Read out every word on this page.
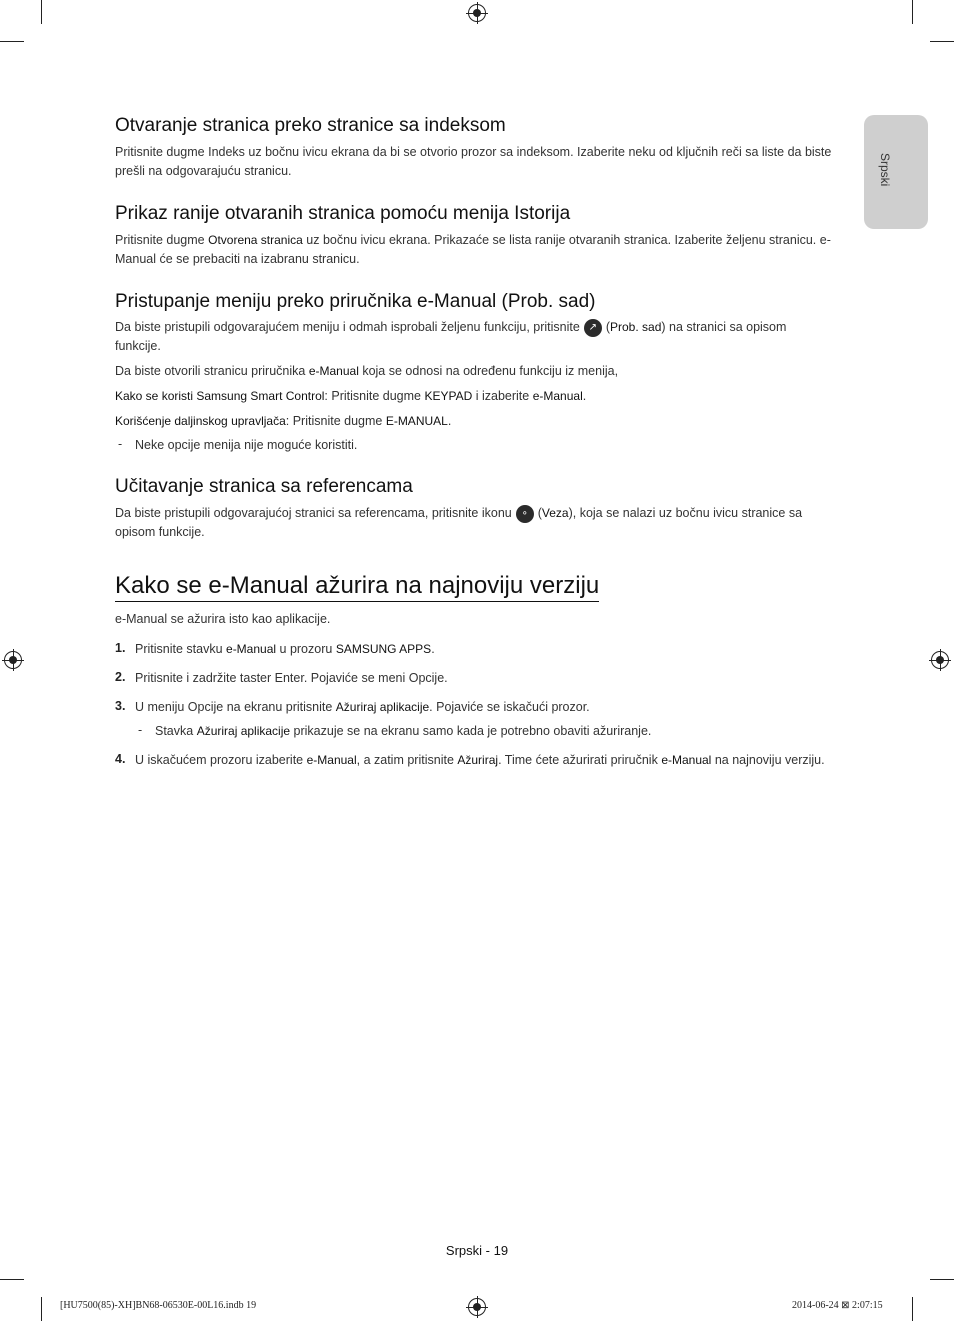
Srpski
Otvaranje stranica preko stranice sa indeksom

Pritisnite dugme Indeks uz bočnu ivicu ekrana da bi se otvorio prozor sa indeksom. Izaberite neku od ključnih reči sa liste da biste prešli na odgovarajuću stranicu.

Prikaz ranije otvaranih stranica pomoću menija Istorija

Pritisnite dugme Otvorena stranica uz bočnu ivicu ekrana. Prikazaće se lista ranije otvaranih stranica. Izaberite željenu stranicu. e-Manual će se prebaciti na izabranu stranicu.

Pristupanje meniju preko priručnika e-Manual (Prob. sad)

Da biste pristupili odgovarajućem meniju i odmah isprobali željenu funkciju, pritisnite ↗ (Prob. sad) na stranici sa opisom funkcije.

Da biste otvorili stranicu priručnika e-Manual koja se odnosi na određenu funkciju iz menija,
Kako se koristi Samsung Smart Control: Pritisnite dugme KEYPAD i izaberite e-Manual.
Korišćenje daljinskog upravljača: Pritisnite dugme E-MANUAL.
- Neke opcije menija nije moguće koristiti.
Učitavanje stranica sa referencama

Da biste pristupili odgovarajućoj stranici sa referencama, pritisnite ikonu ∘ (Veza), koja se nalazi uz bočnu ivicu stranice sa opisom funkcije.

Kako se e-Manual ažurira na najnoviju verziju
e-Manual se ažurira isto kao aplikacije.
1. Pritisnite stavku e-Manual u prozoru SAMSUNG APPS.
2. Pritisnite i zadržite taster Enter. Pojaviće se meni Opcije.
3. U meniju Opcije na ekranu pritisnite Ažuriraj aplikacije. Pojaviće se iskačući prozor.
- Stavka Ažuriraj aplikacije prikazuje se na ekranu samo kada je potrebno obaviti ažuriranje.
4. U iskačućem prozoru izaberite e-Manual, a zatim pritisnite Ažuriraj. Time ćete ažurirati priručnik e-Manual na najnoviju verziju.

Srpski - 19
[HU7500(85)-XH]BN68-06530E-00L16.indb 19	2014-06-24 ⊠ 2:07:15
